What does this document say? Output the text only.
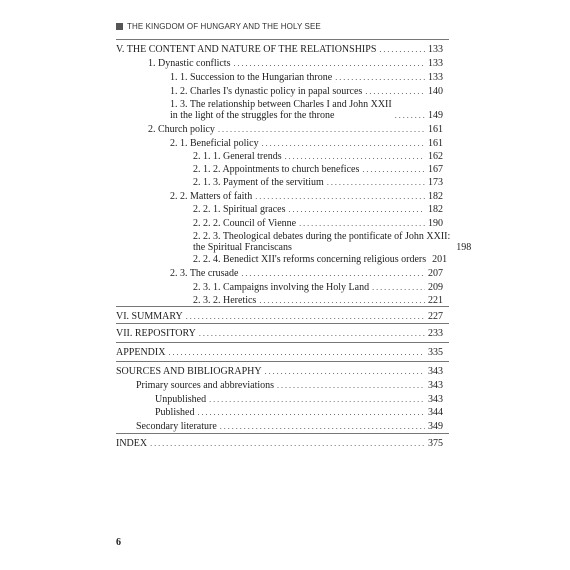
THE KINGDOM OF HUNGARY AND THE HOLY SEE
V. THE CONTENT AND NATURE OF THE RELATIONSHIPS . . .	133
1. Dynastic conflicts . . .	133
1. 1. Succession to the Hungarian throne . . .	133
1. 2. Charles I's dynastic policy in papal sources . . .	140
1. 3. The relationship between Charles I and John XXII
in the light of the struggles for the throne . . .	149
2. Church policy . . .	161
2. 1. Beneficial policy . . .	161
2. 1. 1. General trends . . .	162
2. 1. 2. Appointments to church benefices . . .	167
2. 1. 3. Payment of the servitium . . .	173
2. 2. Matters of faith . . .	182
2. 2. 1. Spiritual graces . . .	182
2. 2. 2. Council of Vienne . . .	190
2. 2. 3. Theological debates during the pontificate of John XXII:
the Spiritual Franciscans	198
2. 2. 4. Benedict XII's reforms concerning religious orders 201
2. 3. The crusade . . .	207
2. 3. 1. Campaigns involving the Holy Land . . .	209
2. 3. 2. Heretics . . .	221
VI. SUMMARY . . .	227
VII. REPOSITORY . . .	233
APPENDIX . . .	335
SOURCES AND BIBLIOGRAPHY . . .	343
Primary sources and abbreviations . . .	343
Unpublished . . .	343
Published . . .	344
Secondary literature . . .	349
INDEX . . .	375
6
